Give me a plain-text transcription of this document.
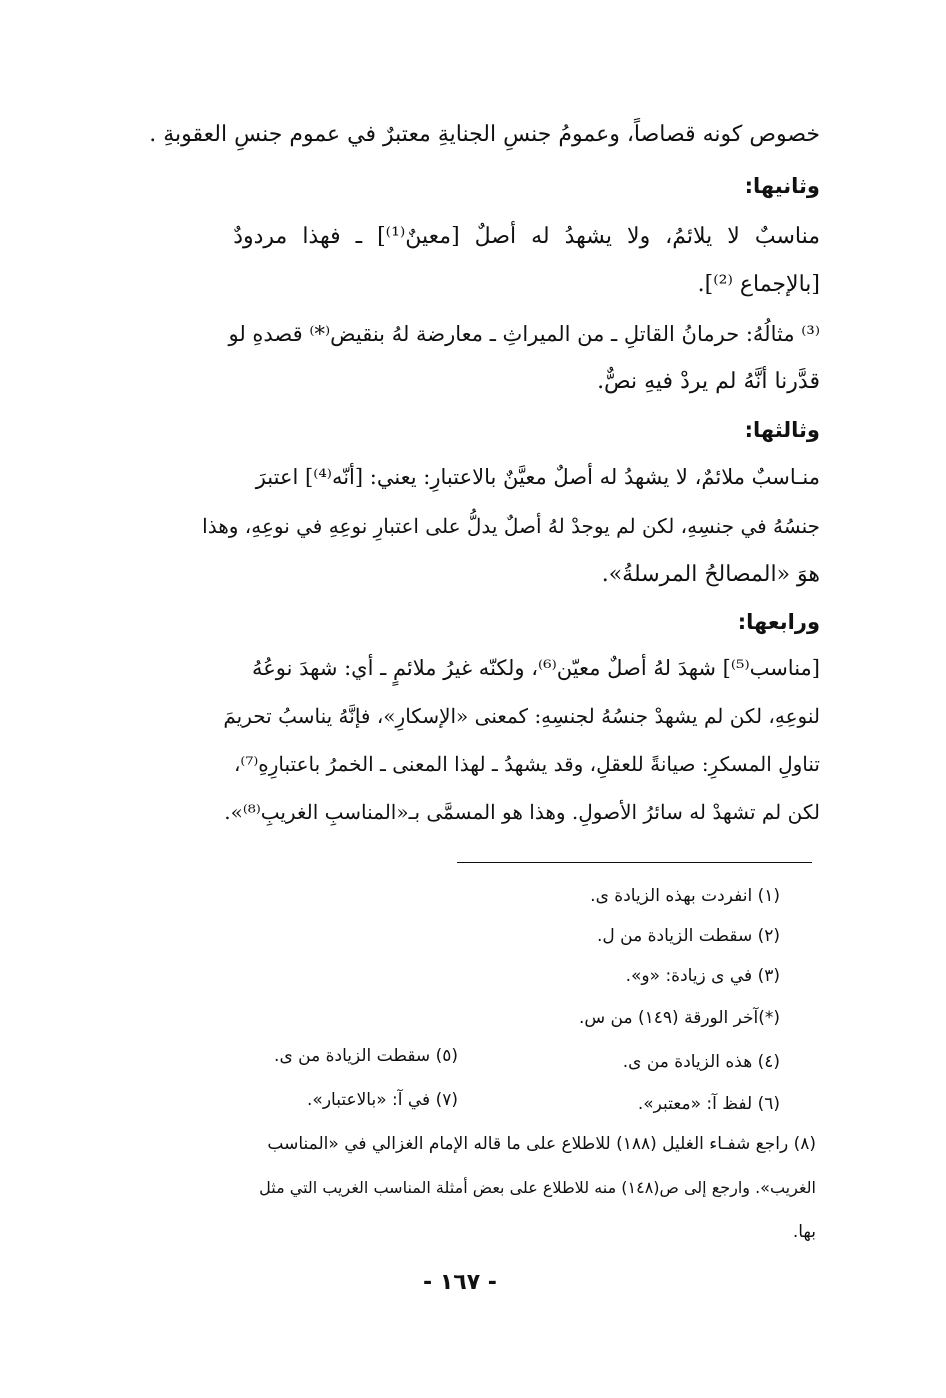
خصوص كونه قصاصاً، وعمومُ جنسِ الجنايةِ معتبرٌ في عموم جنسِ العقوبةِ .
وثانيها:
مناسبٌ لا يلائمُ، ولا يشهدُ له أصلٌ [معينٌ⁽¹⁾] ـ فهذا مردودٌ
[بالإجماع ⁽²⁾].
⁽³⁾ مثالُهُ: حرمانُ القاتلِ ـ من الميراثِ ـ معارضة لهُ بنقيض⁽*⁾ قصدهِ لو
قدَّرنا أنَّهُ لم يردْ فيهِ نصٌّ.
وثالثها:
منـاسبٌ ملائمٌ، لا يشهدُ له أصلٌ معيَّنٌ بالاعتبارِ: يعني: [أنّه⁽⁴⁾] اعتبرَ
جنسُهُ في جنسِهِ، لكن لم يوجدْ لهُ أصلٌ يدلُّ على اعتبارِ نوعِهِ في نوعِهِ، وهذا
هوَ «المصالحُ المرسلةُ».
ورابعها:
[مناسب⁽⁵⁾] شهدَ لهُ أصلٌ معيّن⁽⁶⁾، ولكنّه غيرُ ملائمٍ ـ أي: شهدَ نوعُهُ
لنوعِهِ، لكن لم يشهدْ جنسُهُ لجنسِهِ: كمعنى «الإسكارِ»، فإنَّهُ يناسبُ تحريمَ
تناولِ المسكرِ: صيانةً للعقلِ، وقد يشهدُ ـ لهذا المعنى ـ الخمرُ باعتبارِهِ⁽⁷⁾،
لكن لم تشهدْ له سائرُ الأصولِ. وهذا هو المسمَّى بـ«المناسبِ الغريبِ⁽⁸⁾».
(١) انفردت بهذه الزيادة ى.
(٢) سقطت الزيادة من ل.
(٣) في ى زيادة: «و».
(*)آخر الورقة (١٤٩) من س.
(٤) هذه الزيادة من ى.
(٥) سقطت الزيادة من ى.
(٦) لفظ آ: «معتبر».
(٧) في آ: «بالاعتبار».
(٨) راجع شفـاء الغليل (١٨٨) للاطلاع على ما قاله الإمام الغزالي في «المناسب
الغريب». وارجع إلى ص(١٤٨) منه للاطلاع على بعض أمثلة المناسب الغريب التي مثل
بها.
- ١٦٧ -
